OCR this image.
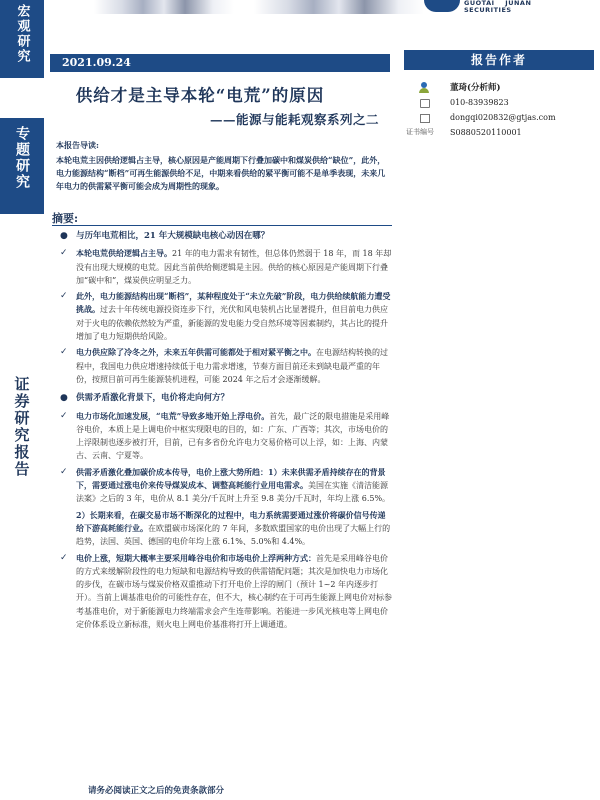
宏观研究
专题研究
证券研究报告
GUOTAI JUNAN SECURITIES
2021.09.24
供给才是主导本轮“电荒”的原因
——能源与能耗观察系列之二
报告作者
董琦(分析师)
010-83939823
dongqi020832@gtjas.com
证书编号 S0880520110001
本报告导读:
本轮电荒主因供给逻辑占主导，核心原因是产能周期下行叠加碳中和煤炭供给“缺位”，此外，电力能源结构“断档”可再生能源供给不足，中期来看供给的紧平衡可能不是单季表现，未来几年电力的供需紧平衡可能会成为周期性的现象。
摘要:
● 与历年电荒相比，21 年大规模缺电核心动因在哪？
✓ 本轮电荒供给逻辑占主导。21 年的电力需求有韧性，但总体仍然弱于 18 年，而 18 年却没有出现大规模的电荒。因此当前供给侧逻辑是主因。供给的核心原因是产能周期下行叠加“碳中和”，煤炭供应明显乏力。
✓ 此外，电力能源结构出现“断档”，某种程度处于“未立先破”阶段，电力供给续航能力遭受挑战。过去十年传统电源投资连步下行，光伏和风电装机占比显著提升，但目前电力供应对于火电的依赖依然较为严重，新能源的发电能力受自然环境等因素制约，其占比的提升增加了电力短期供给风险。
✓ 电力供应除了冷冬之外，未来五年供需可能都处于相对紧平衡之中。在电源结构转换的过程中，我国电力供应增速持续低于电力需求增速，节奏方面目前还未到缺电最严重的年份，按照目前可再生能源装机进程，可能 2024 年之后才会逐渐缓解。
● 供需矛盾激化背景下，电价将走向何方？
✓ 电力市场化加速发展，“电荒”导致多地开始上浮电价。首先，最广泛的限电措施是采用峰谷电价，本质上是上调电价中枢实现限电的目的，如：广东、广西等；其次，市场电价的上浮限制也逐步被打开，目前，已有多省份允许电力交易价格可以上浮，如：上海、内蒙古、云南、宁夏等。
✓ 供需矛盾激化叠加碳价成本传导，电价上涨大势所趋：1）未来供需矛盾持续存在的背景下，需要通过涨电价来传导煤炭成本、调整高耗能行业用电需求。美国在实施《清洁能源法案》之后的 3 年，电价从 8.1 美分/千瓦时上升至 9.8 美分/千瓦时，年均上涨 6.5%。
2）长期来看，在碳交易市场不断深化的过程中，电力系统需要通过涨价将碳价信号传递给下游高耗能行业。在欧盟碳市场深化的 7 年间，多数欧盟国家的电价出现了大幅上行的趋势，法国、英国、德国的电价年均上涨 6.1%、5.0%和 4.4%。
✓ 电价上涨，短期大概率主要采用峰谷电价和市场电价上浮两种方式：首先是采用峰谷电价的方式来缓解阶段性的电力短缺和电源结构导致的供需错配问题；其次是加快电力市场化的步伐，在碳市场与煤炭价格双重推动下打开电价上浮的闸门（预计 1~2 年内逐步打开）。当前上调基准电价的可能性存在，但不大，核心制约在于可再生能源上网电价对标参考基准电价，对于新能源电力终端需求会产生连带影响。若能进一步风光核电等上网电价定价体系设立新标准，则火电上网电价基准将打开上调通道。
请务必阅读正文之后的免责条款部分
